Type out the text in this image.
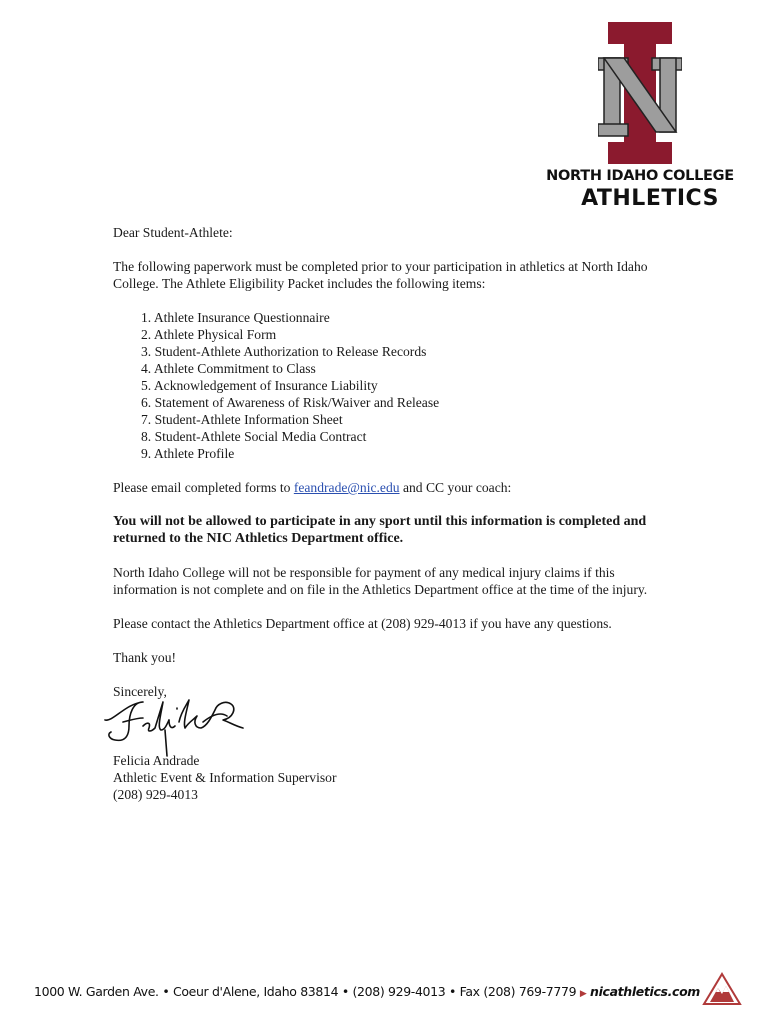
NORTH IDAHO COLLEGE
ATHLETICS

Dear Student-Athlete:

The following paperwork must be completed prior to your participation in athletics at North Idaho College. The Athlete Eligibility Packet includes the following items:

1. Athlete Insurance Questionnaire
2. Athlete Physical Form
3. Student-Athlete Authorization to Release Records
4. Athlete Commitment to Class
5. Acknowledgement of Insurance Liability
6. Statement of Awareness of Risk/Waiver and Release
7. Student-Athlete Information Sheet
8. Student-Athlete Social Media Contract
9. Athlete Profile

Please email completed forms to feandrade@nic.edu and CC your coach:

You will not be allowed to participate in any sport until this information is completed and returned to the NIC Athletics Department office.

North Idaho College will not be responsible for payment of any medical injury claims if this information is not complete and on file in the Athletics Department office at the time of the injury.

Please contact the Athletics Department office at (208) 929-4013 if you have any questions.

Thank you!

Sincerely,

Felicia Andrade

Athletic Event & Information Supervisor

(208) 929-4013

1000 W. Garden Ave. • Coeur d'Alene, Idaho 83814 • (208) 929-4013 • Fax (208) 769-7779 ▶ nicathletics.com
